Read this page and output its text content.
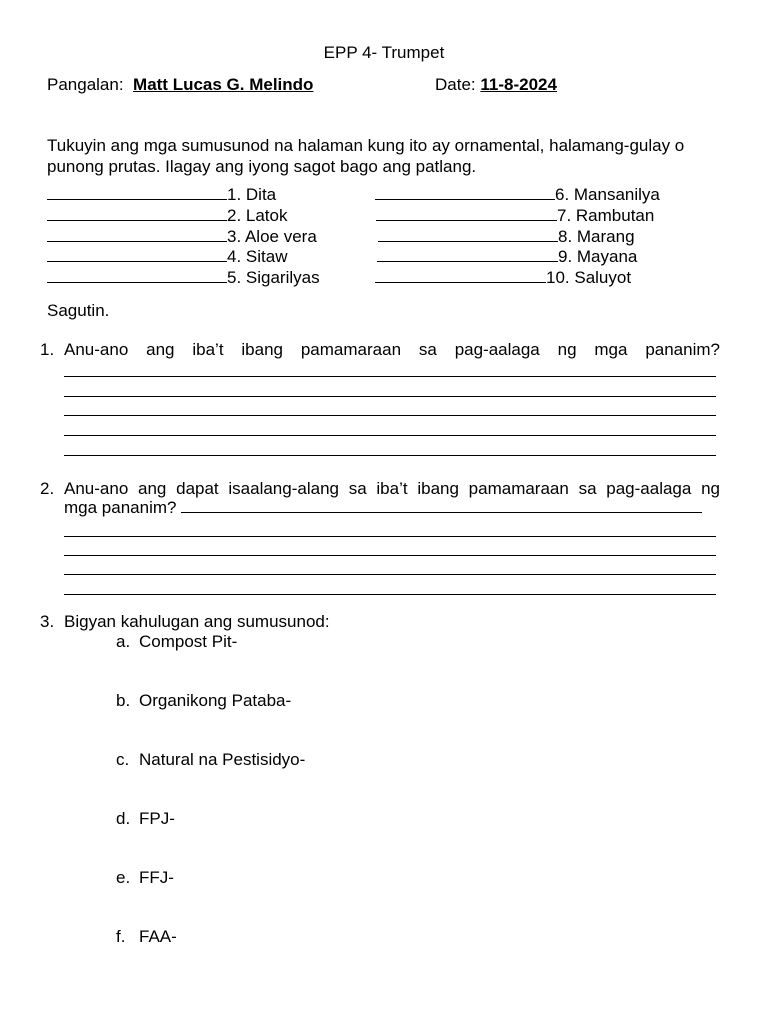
EPP 4- Trumpet
Pangalan: Matt Lucas G. Melindo	Date: 11-8-2024
Tukuyin ang mga sumusunod na halaman kung ito ay ornamental, halamang-gulay o punong prutas. Ilagay ang iyong sagot bago ang patlang.
1. Dita
2. Latok
3. Aloe vera
4. Sitaw
5. Sigarilyas
6. Mansanilya
7. Rambutan
8. Marang
9. Mayana
10. Saluyot
Sagutin.
1. Anu-ano ang iba’t ibang pamamaraan sa pag-aalaga ng mga pananim?
2. Anu-ano ang dapat isaalang-alang sa iba’t ibang pamamaraan sa pag-aalaga ng
mga pananim?
3. Bigyan kahulugan ang sumusunod:
a. Compost Pit-
b. Organikong Pataba-
c. Natural na Pestisidyo-
d. FPJ-
e. FFJ-
f. FAA-
